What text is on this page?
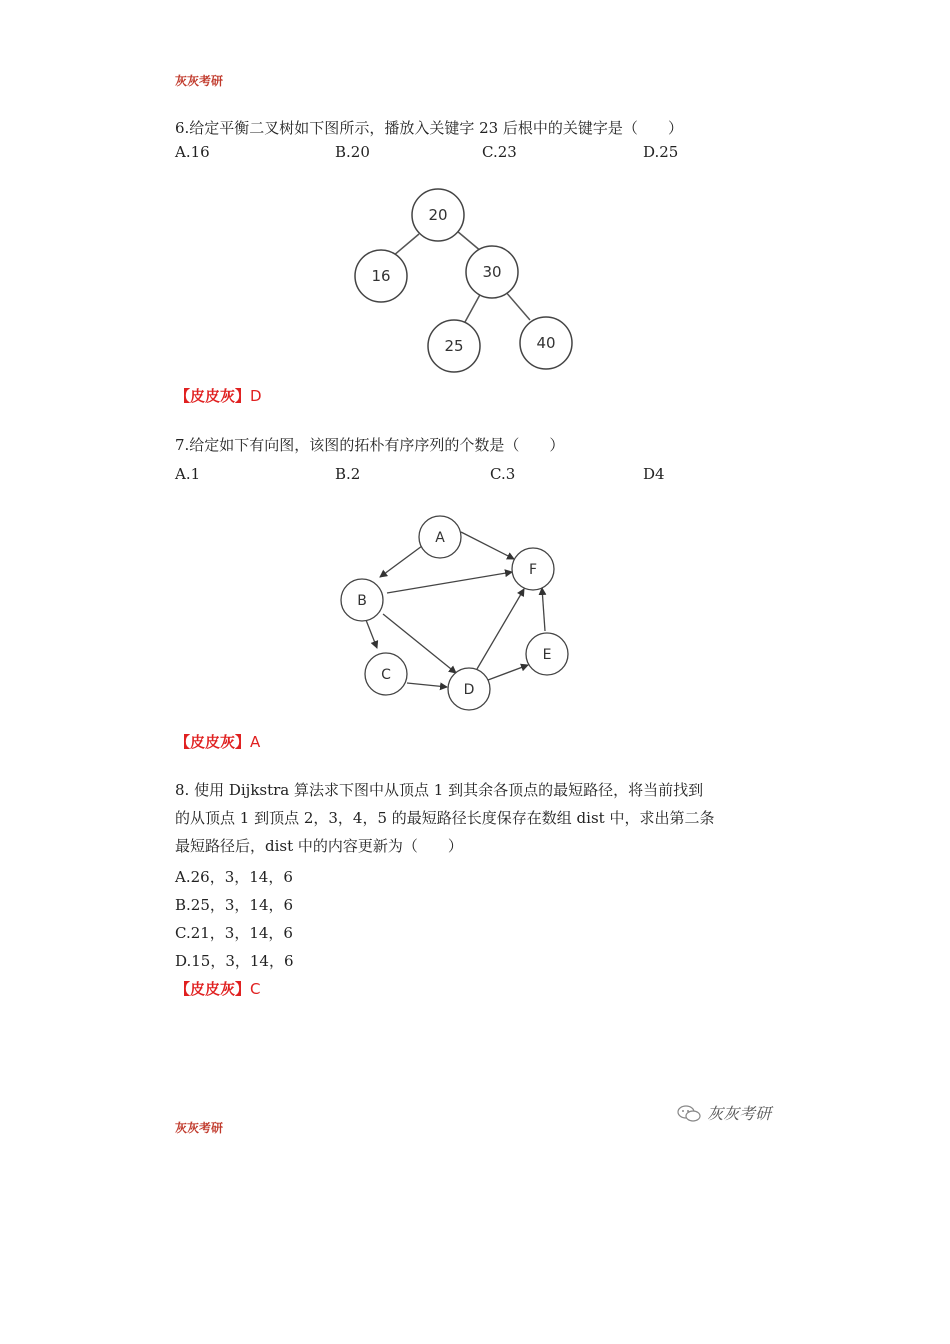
灰灰考研
6.给定平衡二叉树如下图所示，播放入关键字 23 后根中的关键字是（　　）
A.16	B.20	C.23	D.25
20
16	30
25	40
【皮皮灰】D
7.给定如下有向图，该图的拓朴有序序列的个数是（　　）
A.1	B.2	C.3	D4
A
B
C
D
E
F
【皮皮灰】A
8. 使用 Dijkstra 算法求下图中从顶点 1 到其余各顶点的最短路径，将当前找到
的从顶点 1 到顶点 2，3，4，5 的最短路径长度保存在数组 dist 中，求出第二条
最短路径后，dist 中的内容更新为（　　）
A.26，3，14，6
B.25，3，14，6
C.21，3，14，6
D.15，3，14，6
【皮皮灰】C
灰灰考研
灰灰考研
